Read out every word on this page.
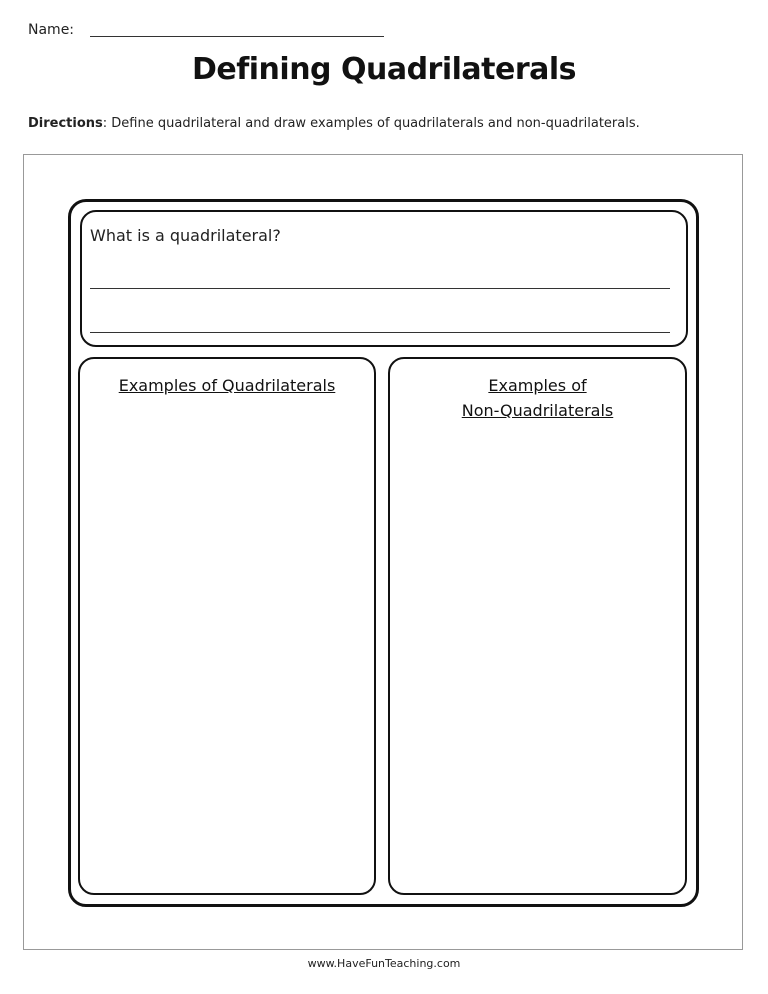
Name:
Defining Quadrilaterals
Directions: Define quadrilateral and draw examples of quadrilaterals and non-quadrilaterals.
What is a quadrilateral?
Examples of Quadrilaterals	Examples of
Non-Quadrilaterals
www.HaveFunTeaching.com
